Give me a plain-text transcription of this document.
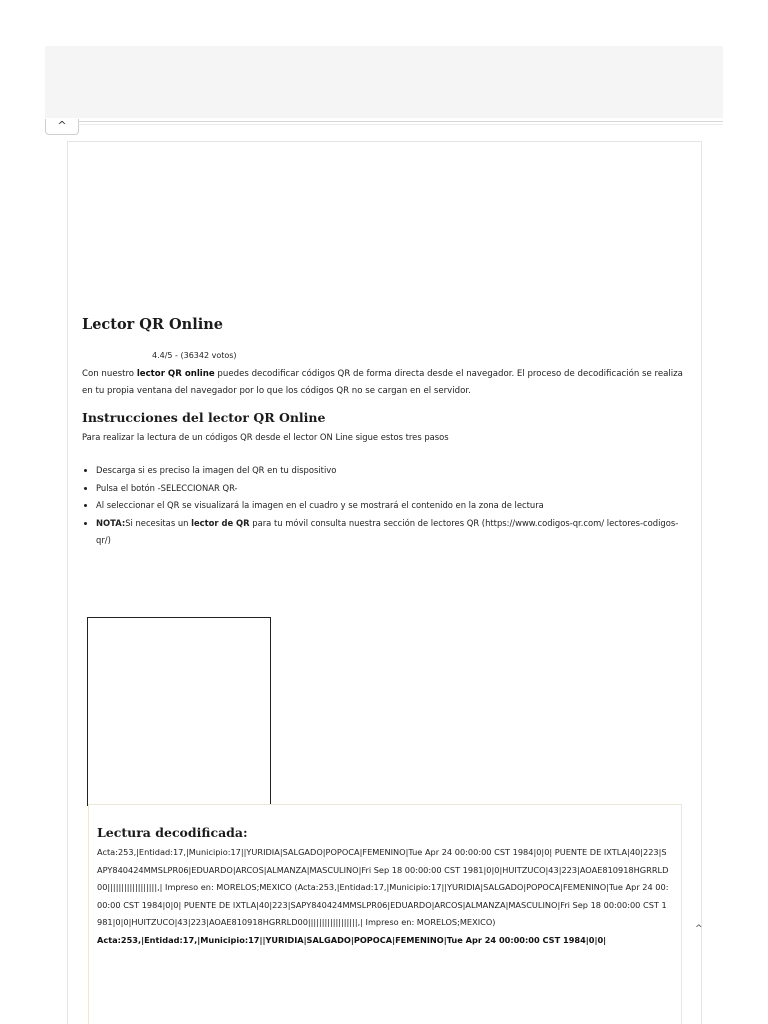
^
Lector QR Online
4.4/5 - (36342 votos)

Con nuestro lector QR online puedes decodificar códigos QR de forma directa desde el navegador. El proceso de decodificación se realiza en tu propia ventana del navegador por lo que los códigos QR no se cargan en el servidor.

Instrucciones del lector QR Online
Para realizar la lectura de un códigos QR desde el lector ON Line sigue estos tres pasos
• Descarga si es preciso la imagen del QR en tu dispositivo
• Pulsa el botón -SELECCIONAR QR-
• Al seleccionar el QR se visualizará la imagen en el cuadro y se mostrará el contenido en la zona de lectura
• NOTA:Si necesitas un lector de QR para tu móvil consulta nuestra sección de lectores QR (https://www.codigos-qr.com/ lectores-codigos-qr/)
Lectura decodificada:

Acta:253,|Entidad:17,|Municipio:17||YURIDIA|SALGADO|POPOCA|FEMENINO|Tue Apr 24 00:00:00 CST 1984|0|0| PUENTE DE IXTLA|40|223|SAPY840424MMSLPR06|EDUARDO|ARCOS|ALMANZA|MASCULINO|Fri Sep 18 00:00:00 CST 1981|0|0|HUITZUCO|43|223|AOAE810918HGRRLD00||||||||||||||||||,| Impreso en: MORELOS;MEXICO (Acta:253,|Entidad:17,|Municipio:17||YURIDIA|SALGADO|POPOCA|FEMENINO|Tue Apr 24 00:00:00 CST 1984|0|0| PUENTE DE IXTLA|40|223|SAPY840424MMSLPR06|EDUARDO|ARCOS|ALMANZA|MASCULINO|Fri Sep 18 00:00:00 CST 1981|0|0|HUITZUCO|43|223|AOAE810918HGRRLD00||||||||||||||||||,| Impreso en: MORELOS;MEXICO)

Acta:253,|Entidad:17,|Municipio:17||YURIDIA|SALGADO|POPOCA|FEMENINO|Tue Apr 24 00:00:00 CST 1984|0|0|

^
